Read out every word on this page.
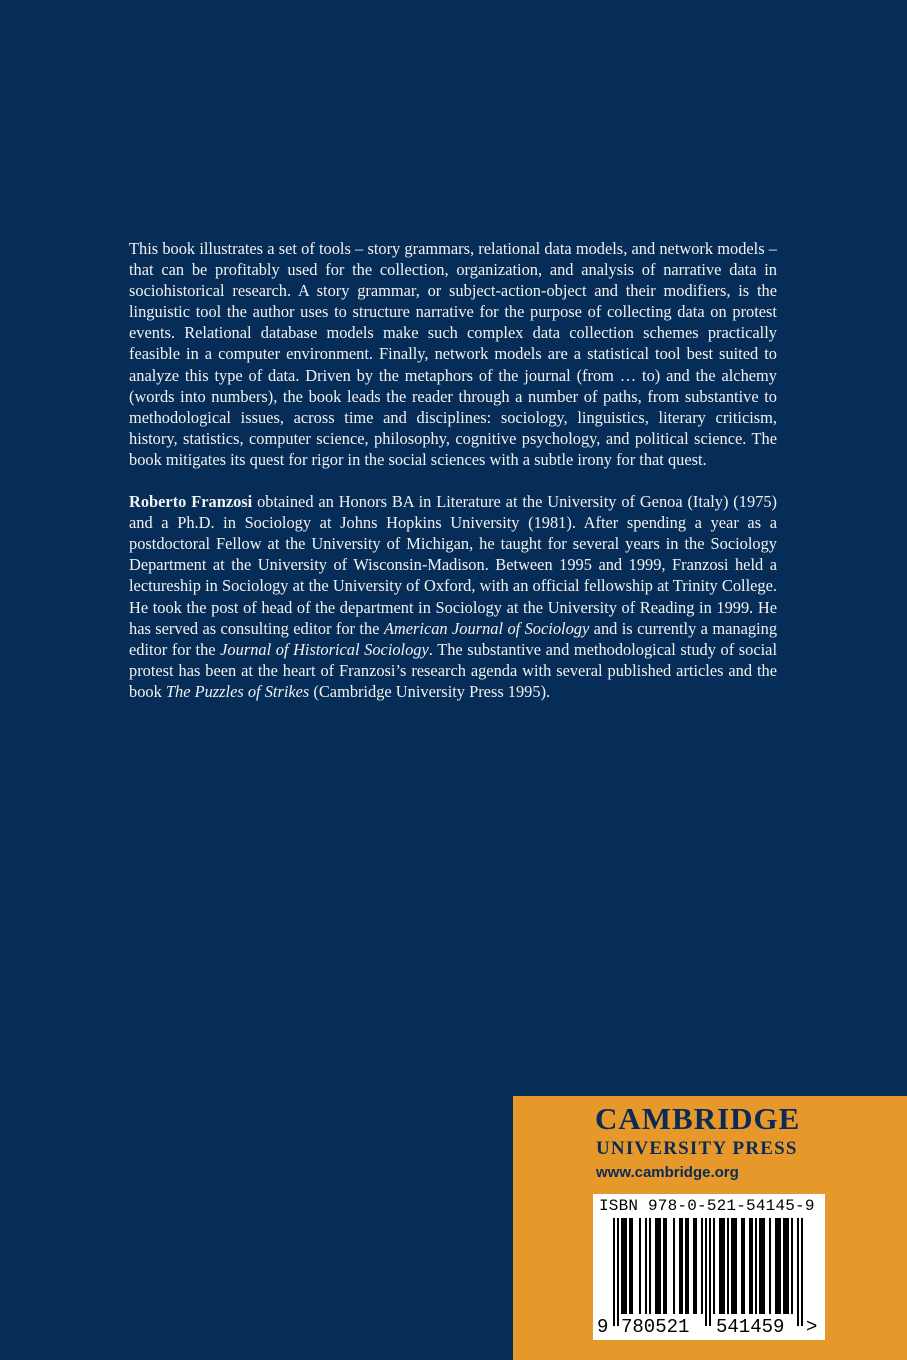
This book illustrates a set of tools – story grammars, relational data models, and network models – that can be profitably used for the collection, organization, and analysis of narrative data in sociohistorical research. A story grammar, or subject-action-object and their modifiers, is the linguistic tool the author uses to structure narrative for the purpose of collecting data on protest events. Relational database models make such complex data collection schemes practically feasible in a computer environment. Finally, network models are a statistical tool best suited to analyze this type of data. Driven by the metaphors of the journal (from … to) and the alchemy (words into numbers), the book leads the reader through a number of paths, from substantive to methodological issues, across time and disciplines: sociology, linguistics, literary criticism, history, statistics, computer science, philosophy, cognitive psychology, and political science. The book mitigates its quest for rigor in the social sciences with a subtle irony for that quest.

Roberto Franzosi obtained an Honors BA in Literature at the University of Genoa (Italy) (1975) and a Ph.D. in Sociology at Johns Hopkins University (1981). After spending a year as a postdoctoral Fellow at the University of Michigan, he taught for several years in the Sociology Department at the University of Wisconsin-Madison. Between 1995 and 1999, Franzosi held a lectureship in Sociology at the University of Oxford, with an official fellowship at Trinity College. He took the post of head of the department in Sociology at the University of Reading in 1999. He has served as consulting editor for the American Journal of Sociology and is currently a managing editor for the Journal of Historical Sociology. The substantive and methodological study of social protest has been at the heart of Franzosi’s research agenda with several published articles and the book The Puzzles of Strikes (Cambridge University Press 1995).

CAMBRIDGE
UNIVERSITY PRESS
www.cambridge.org
9 780521 541459 >
ISBN 978-0-521-54145-9
